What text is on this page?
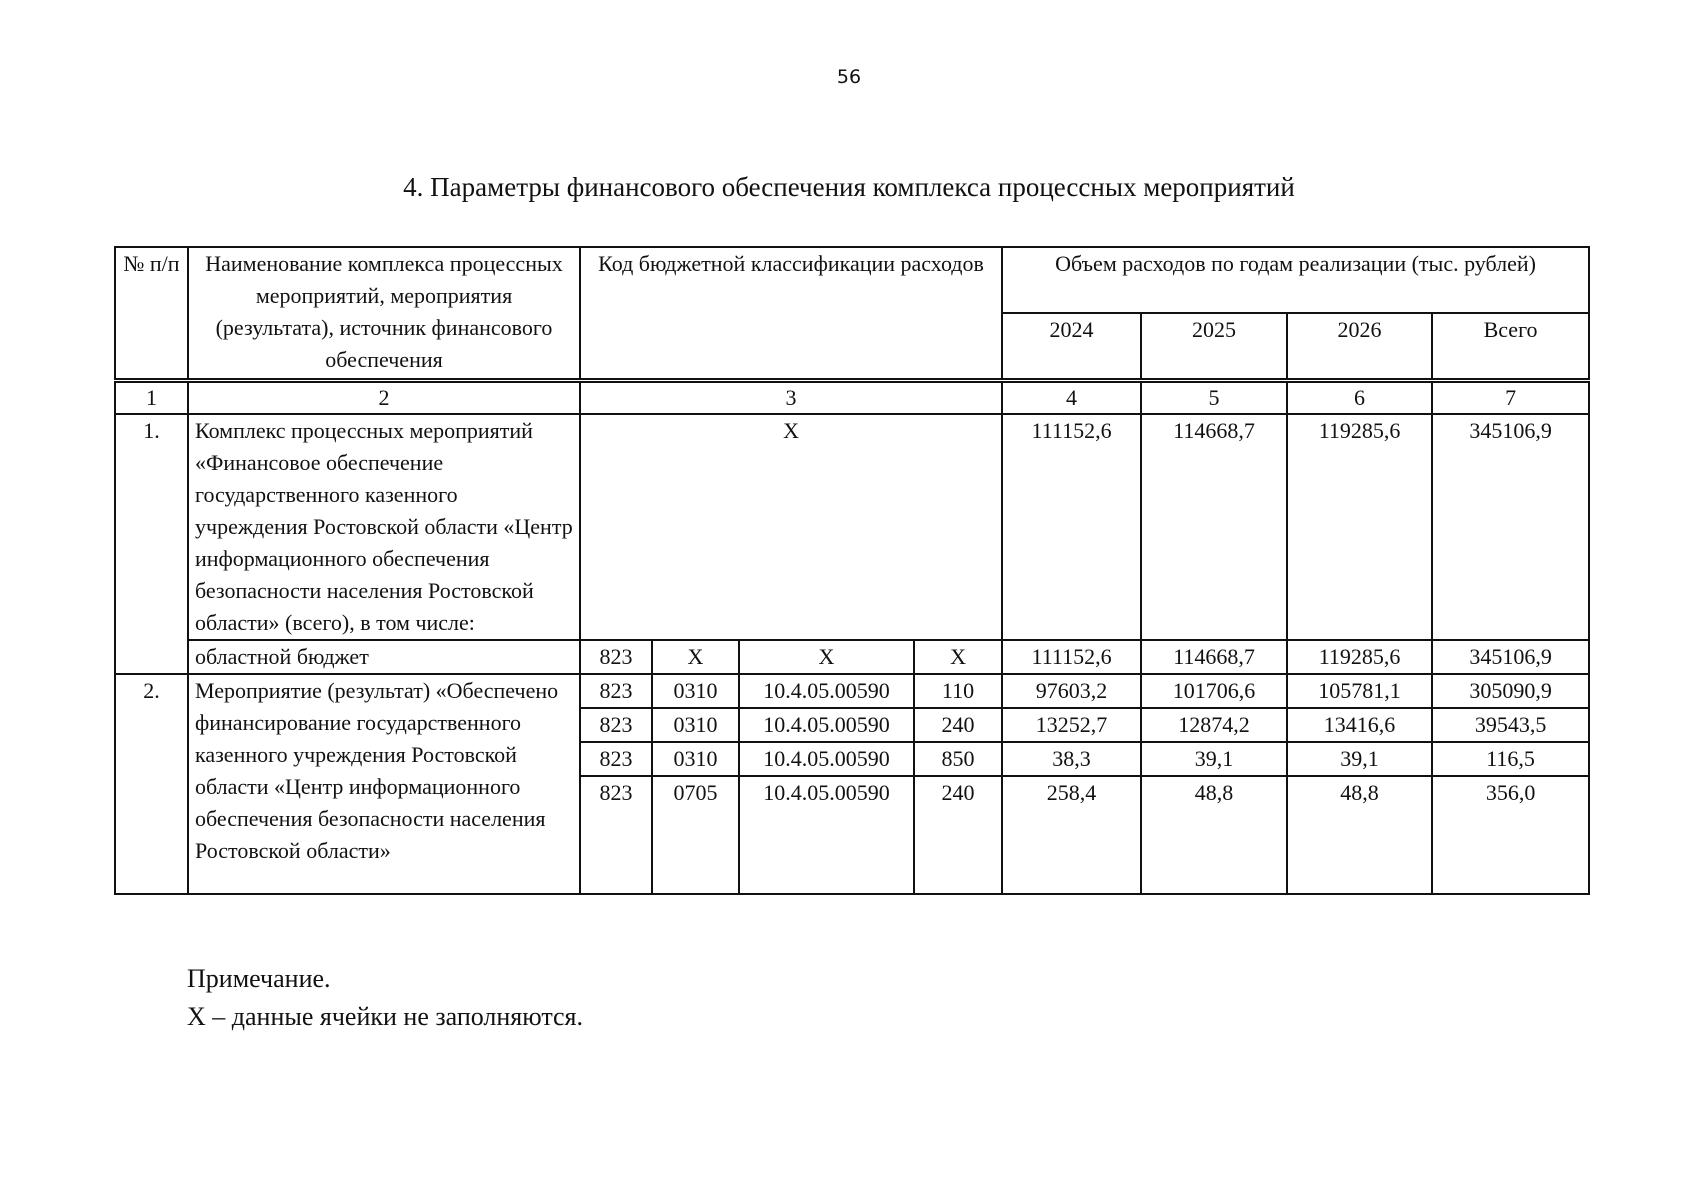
56
4. Параметры финансового обеспечения комплекса процессных мероприятий
№ п/п	Наименование комплекса процессных мероприятий, мероприятия (результата), источник финансового обеспечения	Код бюджетной классификации расходов				Объем расходов по годам реализации (тыс. рублей)			
						2024	2025	2026	Всего
1	2	3				4	5	6	7
1.	Комплекс процессных мероприятий «Финансовое обеспечение государственного казенного учреждения Ростовской области «Центр информационного обеспечения безопасности населения Ростовской области» (всего), в том числе:	X				111152,6	114668,7	119285,6	345106,9
	областной бюджет	823	X	X	X	111152,6	114668,7	119285,6	345106,9
2.	Мероприятие (результат) «Обеспечено финансирование государственного казенного учреждения Ростовской области «Центр информационного обеспечения безопасности населения Ростовской области»	823	0310	10.4.05.00590	110	97603,2	101706,6	105781,1	305090,9
		823	0310	10.4.05.00590	240	13252,7	12874,2	13416,6	39543,5
		823	0310	10.4.05.00590	850	38,3	39,1	39,1	116,5
		823	0705	10.4.05.00590	240	258,4	48,8	48,8	356,0
Примечание.
X – данные ячейки не заполняются.
